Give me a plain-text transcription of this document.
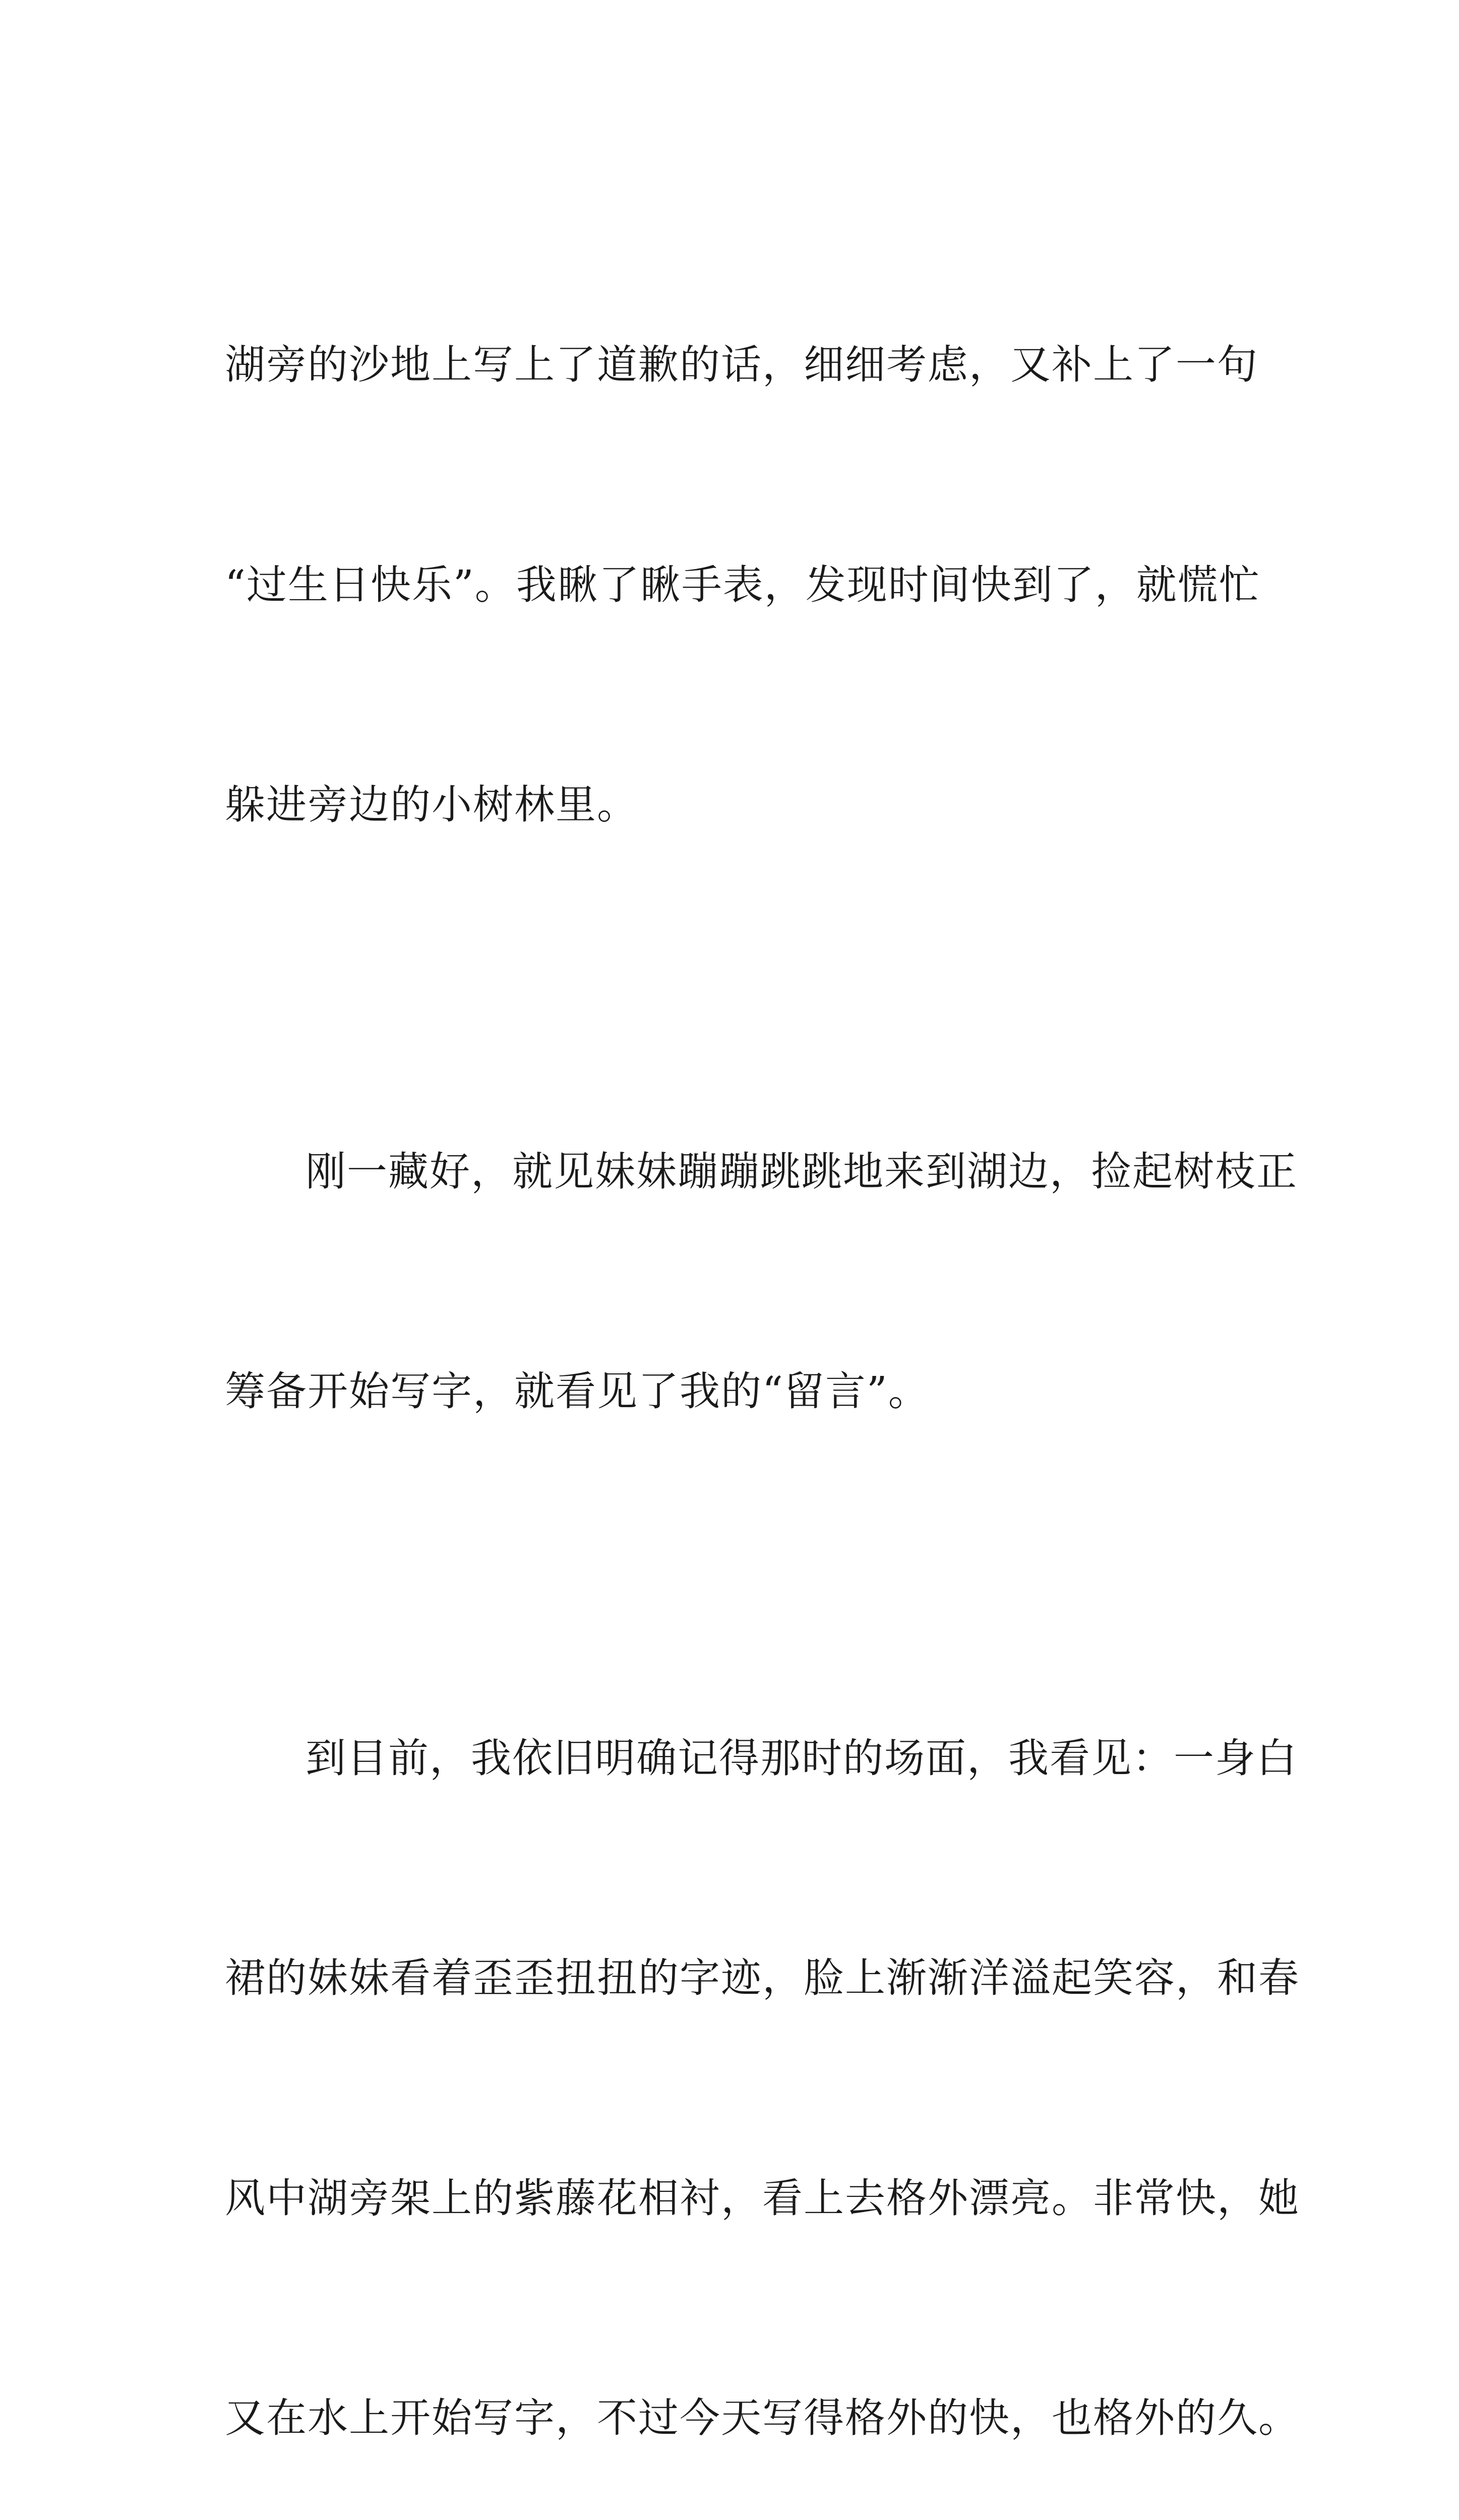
湖旁的沙地上写上了道歉的话，细细考虑，又补上了一句

“过生日快乐”。我瞅了瞅手表，发现时间快到了，就慌忙

躲进旁边的小树林里。

刚一藏好，就见妹妹蹦蹦跳跳地来到湖边，捡起树枝正

筹备开始写字，就看见了我的“留言”。

到目前，我依旧明确记得那时的场面，我看见：一身白

裙的妹妹看着歪歪扭扭的字迹，脸上渐渐洋溢起笑容，和春

风中湖旁架上的紫藤花相衬，看上去格外漂亮。非常快，她

又在水上开始写字，不过今天写得格外的快，也格外的久。
